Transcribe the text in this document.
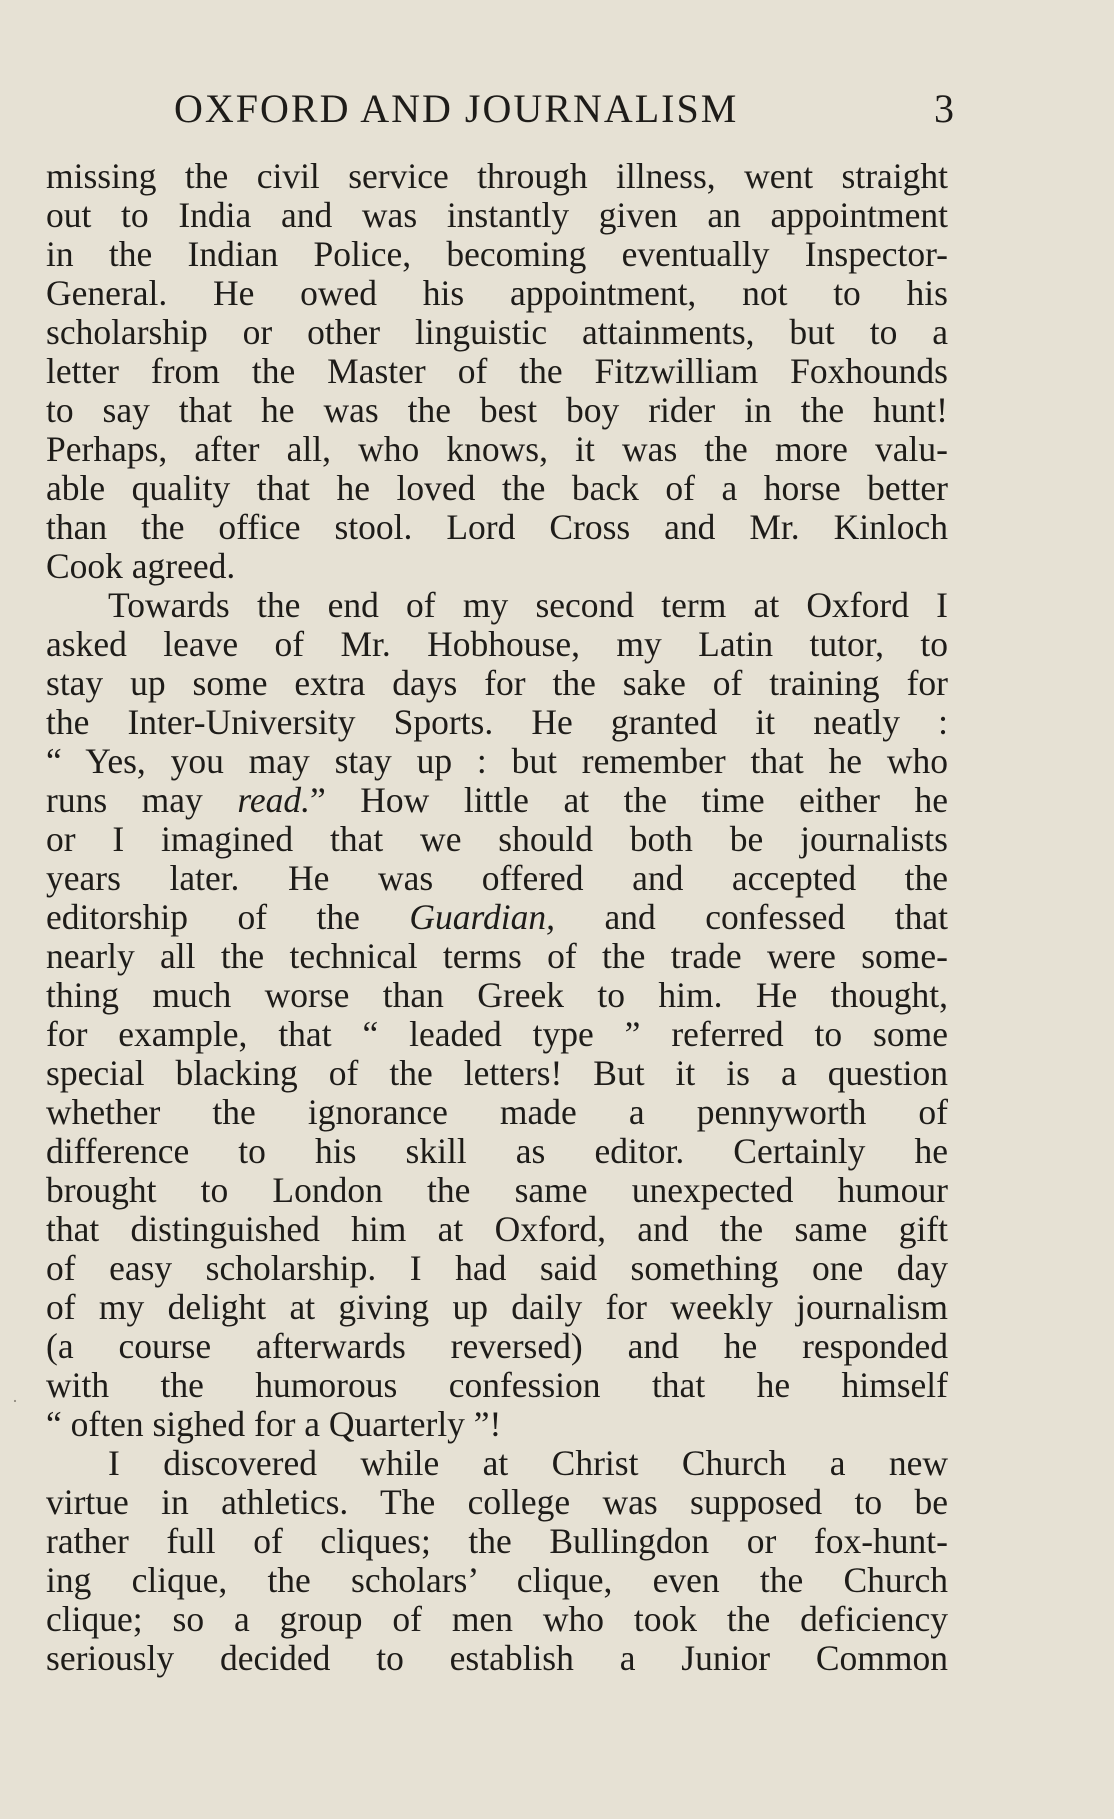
OXFORD AND JOURNALISM	3
missing the civil service through illness, went straight
out to India and was instantly given an appointment
in the Indian Police, becoming eventually Inspector-
General. He owed his appointment, not to his
scholarship or other linguistic attainments, but to a
letter from the Master of the Fitzwilliam Foxhounds
to say that he was the best boy rider in the hunt!
Perhaps, after all, who knows, it was the more valu-
able quality that he loved the back of a horse better
than the office stool. Lord Cross and Mr. Kinloch
Cook agreed.
Towards the end of my second term at Oxford I
asked leave of Mr. Hobhouse, my Latin tutor, to
stay up some extra days for the sake of training for
the Inter-University Sports. He granted it neatly :
“ Yes, you may stay up : but remember that he who
runs may read.” How little at the time either he
or I imagined that we should both be journalists
years later. He was offered and accepted the
editorship of the Guardian, and confessed that
nearly all the technical terms of the trade were some-
thing much worse than Greek to him. He thought,
for example, that “ leaded type ” referred to some
special blacking of the letters! But it is a question
whether the ignorance made a pennyworth of
difference to his skill as editor. Certainly he
brought to London the same unexpected humour
that distinguished him at Oxford, and the same gift
of easy scholarship. I had said something one day
of my delight at giving up daily for weekly journalism
(a course afterwards reversed) and he responded
with the humorous confession that he himself
“ often sighed for a Quarterly ”!
I discovered while at Christ Church a new
virtue in athletics. The college was supposed to be
rather full of cliques; the Bullingdon or fox-hunt-
ing clique, the scholars’ clique, even the Church
clique; so a group of men who took the deficiency
seriously decided to establish a Junior Common
·
